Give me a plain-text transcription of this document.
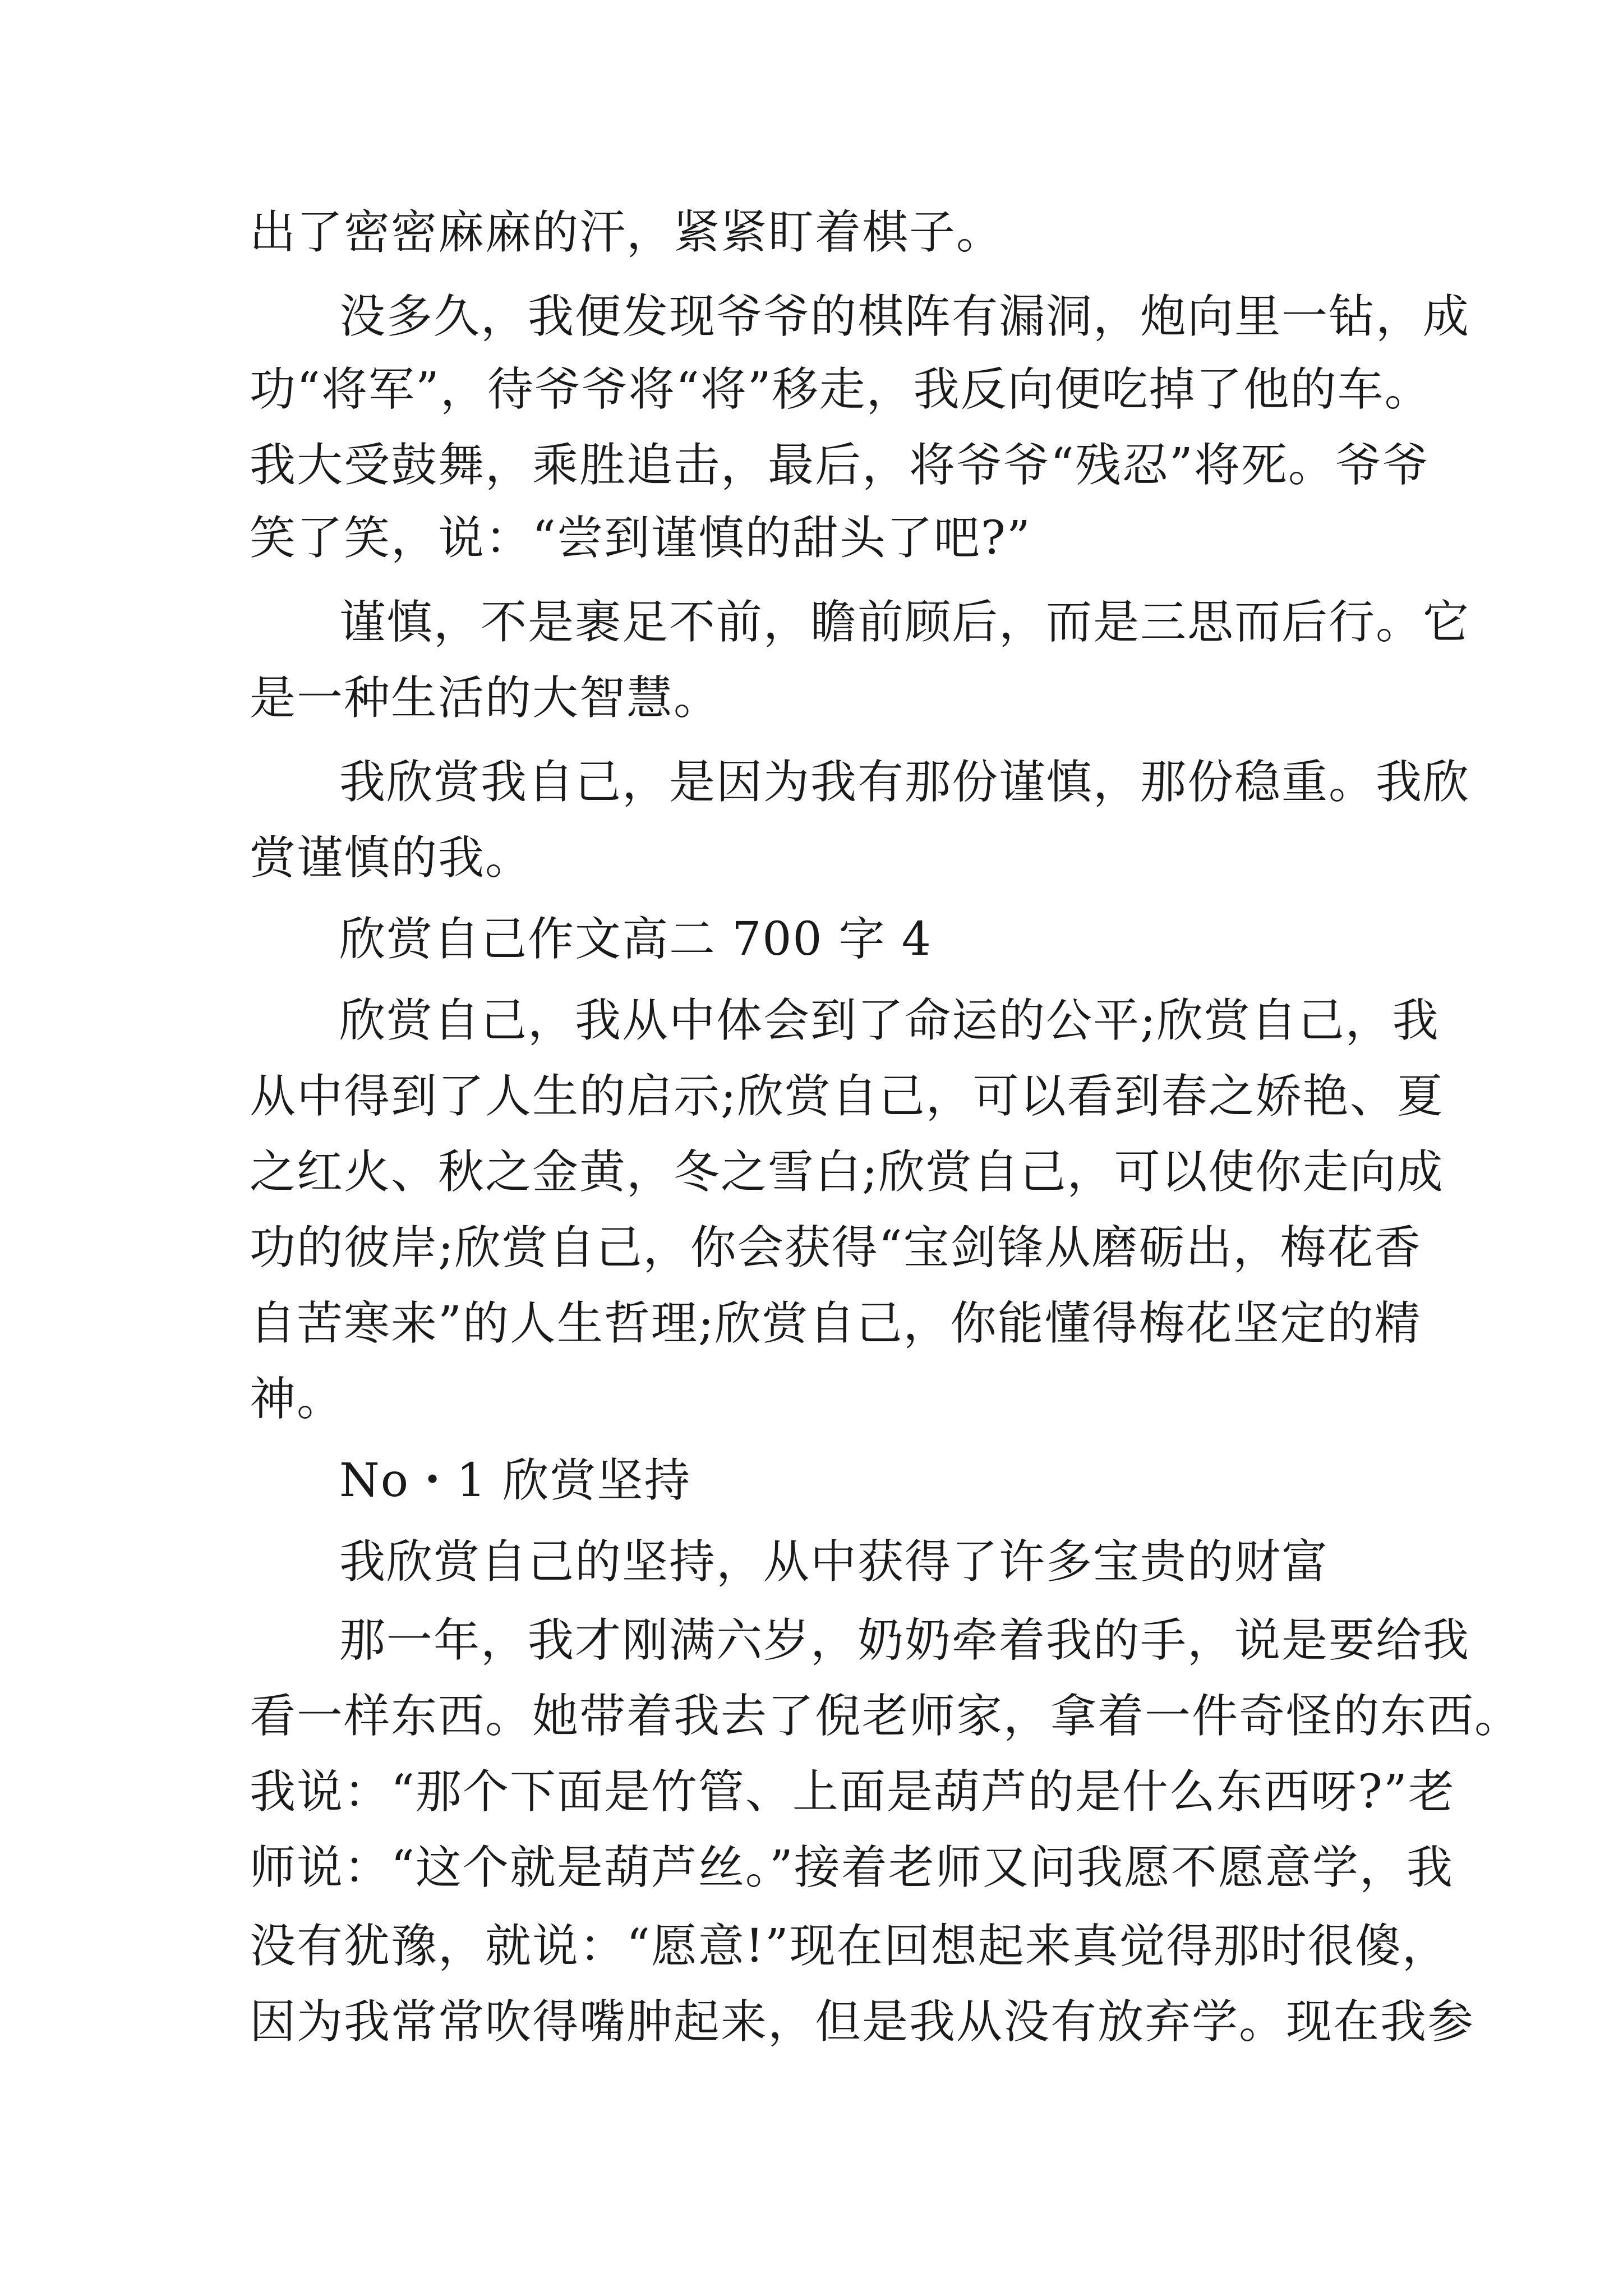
出了密密麻麻的汗，紧紧盯着棋子。
没多久，我便发现爷爷的棋阵有漏洞，炮向里一钻，成
功“将军”，待爷爷将“将”移走，我反向便吃掉了他的车。
我大受鼓舞，乘胜追击，最后，将爷爷“残忍”将死。爷爷
笑了笑，说：“尝到谨慎的甜头了吧?”
谨慎，不是裹足不前，瞻前顾后，而是三思而后行。它
是一种生活的大智慧。
我欣赏我自己，是因为我有那份谨慎，那份稳重。我欣
赏谨慎的我。
欣赏自己作文高二 700 字 4
欣赏自己，我从中体会到了命运的公平;欣赏自己，我
从中得到了人生的启示;欣赏自己，可以看到春之娇艳、夏
之红火、秋之金黄，冬之雪白;欣赏自己，可以使你走向成
功的彼岸;欣赏自己，你会获得“宝剑锋从磨砺出，梅花香
自苦寒来”的人生哲理;欣赏自己，你能懂得梅花坚定的精
神。
No・1 欣赏坚持
我欣赏自己的坚持，从中获得了许多宝贵的财富
那一年，我才刚满六岁，奶奶牵着我的手，说是要给我
看一样东西。她带着我去了倪老师家，拿着一件奇怪的东西。
我说：“那个下面是竹管、上面是葫芦的是什么东西呀?”老
师说：“这个就是葫芦丝。”接着老师又问我愿不愿意学，我
没有犹豫，就说：“愿意!”现在回想起来真觉得那时很傻，
因为我常常吹得嘴肿起来，但是我从没有放弃学。现在我参
